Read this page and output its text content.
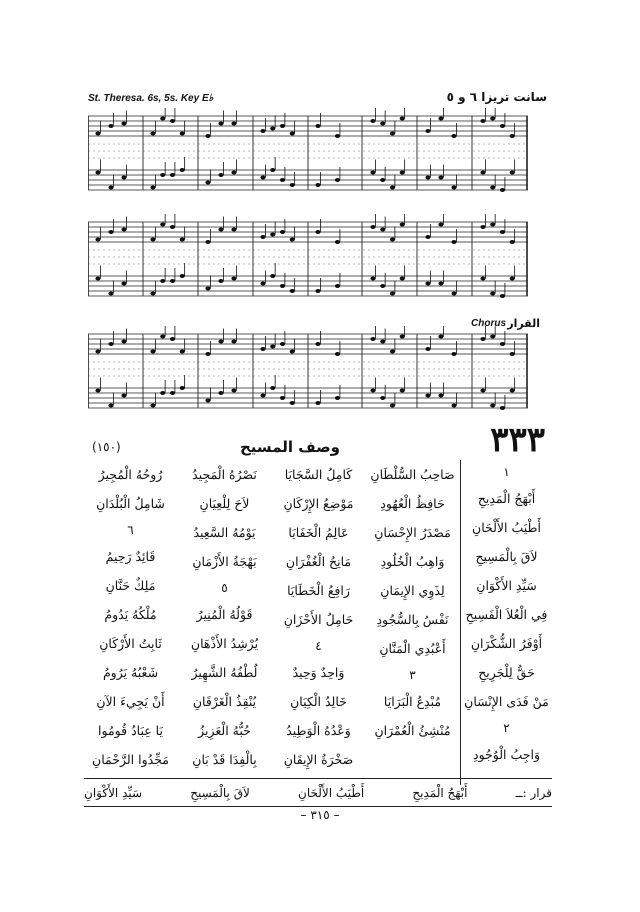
St. Theresa. 6s, 5s. Key E♭	سانت تريزا ٦ و ٥
Chorus القرار
٣٣٣
وصف المسيح
(١٥٠)
١
أَبْهَجُ الْمَدِيحِ
أَطْيَبُ الأَلْحَانِ
لاَقَ بِالْمَسِيحِ
سَيِّدِ الأَكْوَانِ
فِي الْعُلاَ الْفَسِيحِ
أَوْفَرُ الشُّكْرَانِ
حَقُّ لِلْجَرِيحِ
مَنْ فَدَى الإِنْسَانِ
٢
وَاجِبُ الْوُجُودِ
صَاحِبُ السُّلْطَانِ
حَافِظُ الْعُهُودِ
مَصْدَرُ الإِحْسَانِ
وَاهِبُ الْخُلُودِ
لِذَوِي الإِيمَانِ
نَفْسُ بِالسُّجُودِ
أَعْبُدِي الْمَنَّانِ
٣
مُبْدِعُ الْبَرَايَا
مُنْشِئُ الْعُمْرَانِ
كَامِلُ السَّجَايَا
مَوْضِعُ الإِرْكَانِ
عَالِمُ الْخَفَايَا
مَانِحُ الْغُفْرَانِ
رَافِعُ الْخَطَايَا
حَامِلُ الأَحْزَانِ
٤
وَاحِدٌ وَحِيدٌ
خَالِدُ الْكِيَانِ
وَعْدُهُ الْوَطِيدُ
صَخْرَةُ الإِيقَانِ
نَصْرُهُ الْمَجِيدُ
لاَحَ لِلْعِيَانِ
يَوْمُهُ السَّعِيدُ
بَهْجَةُ الأَزْمَانِ
٥
قَوْلُهُ الْمُنِيرُ
يُرْشِدُ الأَذْهَانِ
لُطْفُهُ الشَّهِيرُ
يُنْقِذُ الْغَرْقَانِ
حُبُّهُ الْعَزِيزُ
بِالْفِدَا قَدْ بَانِ
رُوحُهُ الْمُجِيرُ
شَامِلُ الْبُلْدَانِ
٦
قَائِدٌ رَحِيمُ
مَلِكٌ حَنَّانِ
مُلْكُهُ يَدُومُ
ثَابِتُ الأَرْكَانِ
شَعْبُهُ يَرُومُ
أَنْ يَجِيءَ الآنِ
يَا عِبَادُ قُومُوا
مَجِّدُوا الرَّحْمَانِ
قرار :ــ
أَبْهَجُ الْمَدِيحِ
أَطْيَبُ الأَلْحَانِ
لاَقَ بِالْمَسِيحِ
سَيِّدِ الأَكْوَانِ
– ٣١٥ –
